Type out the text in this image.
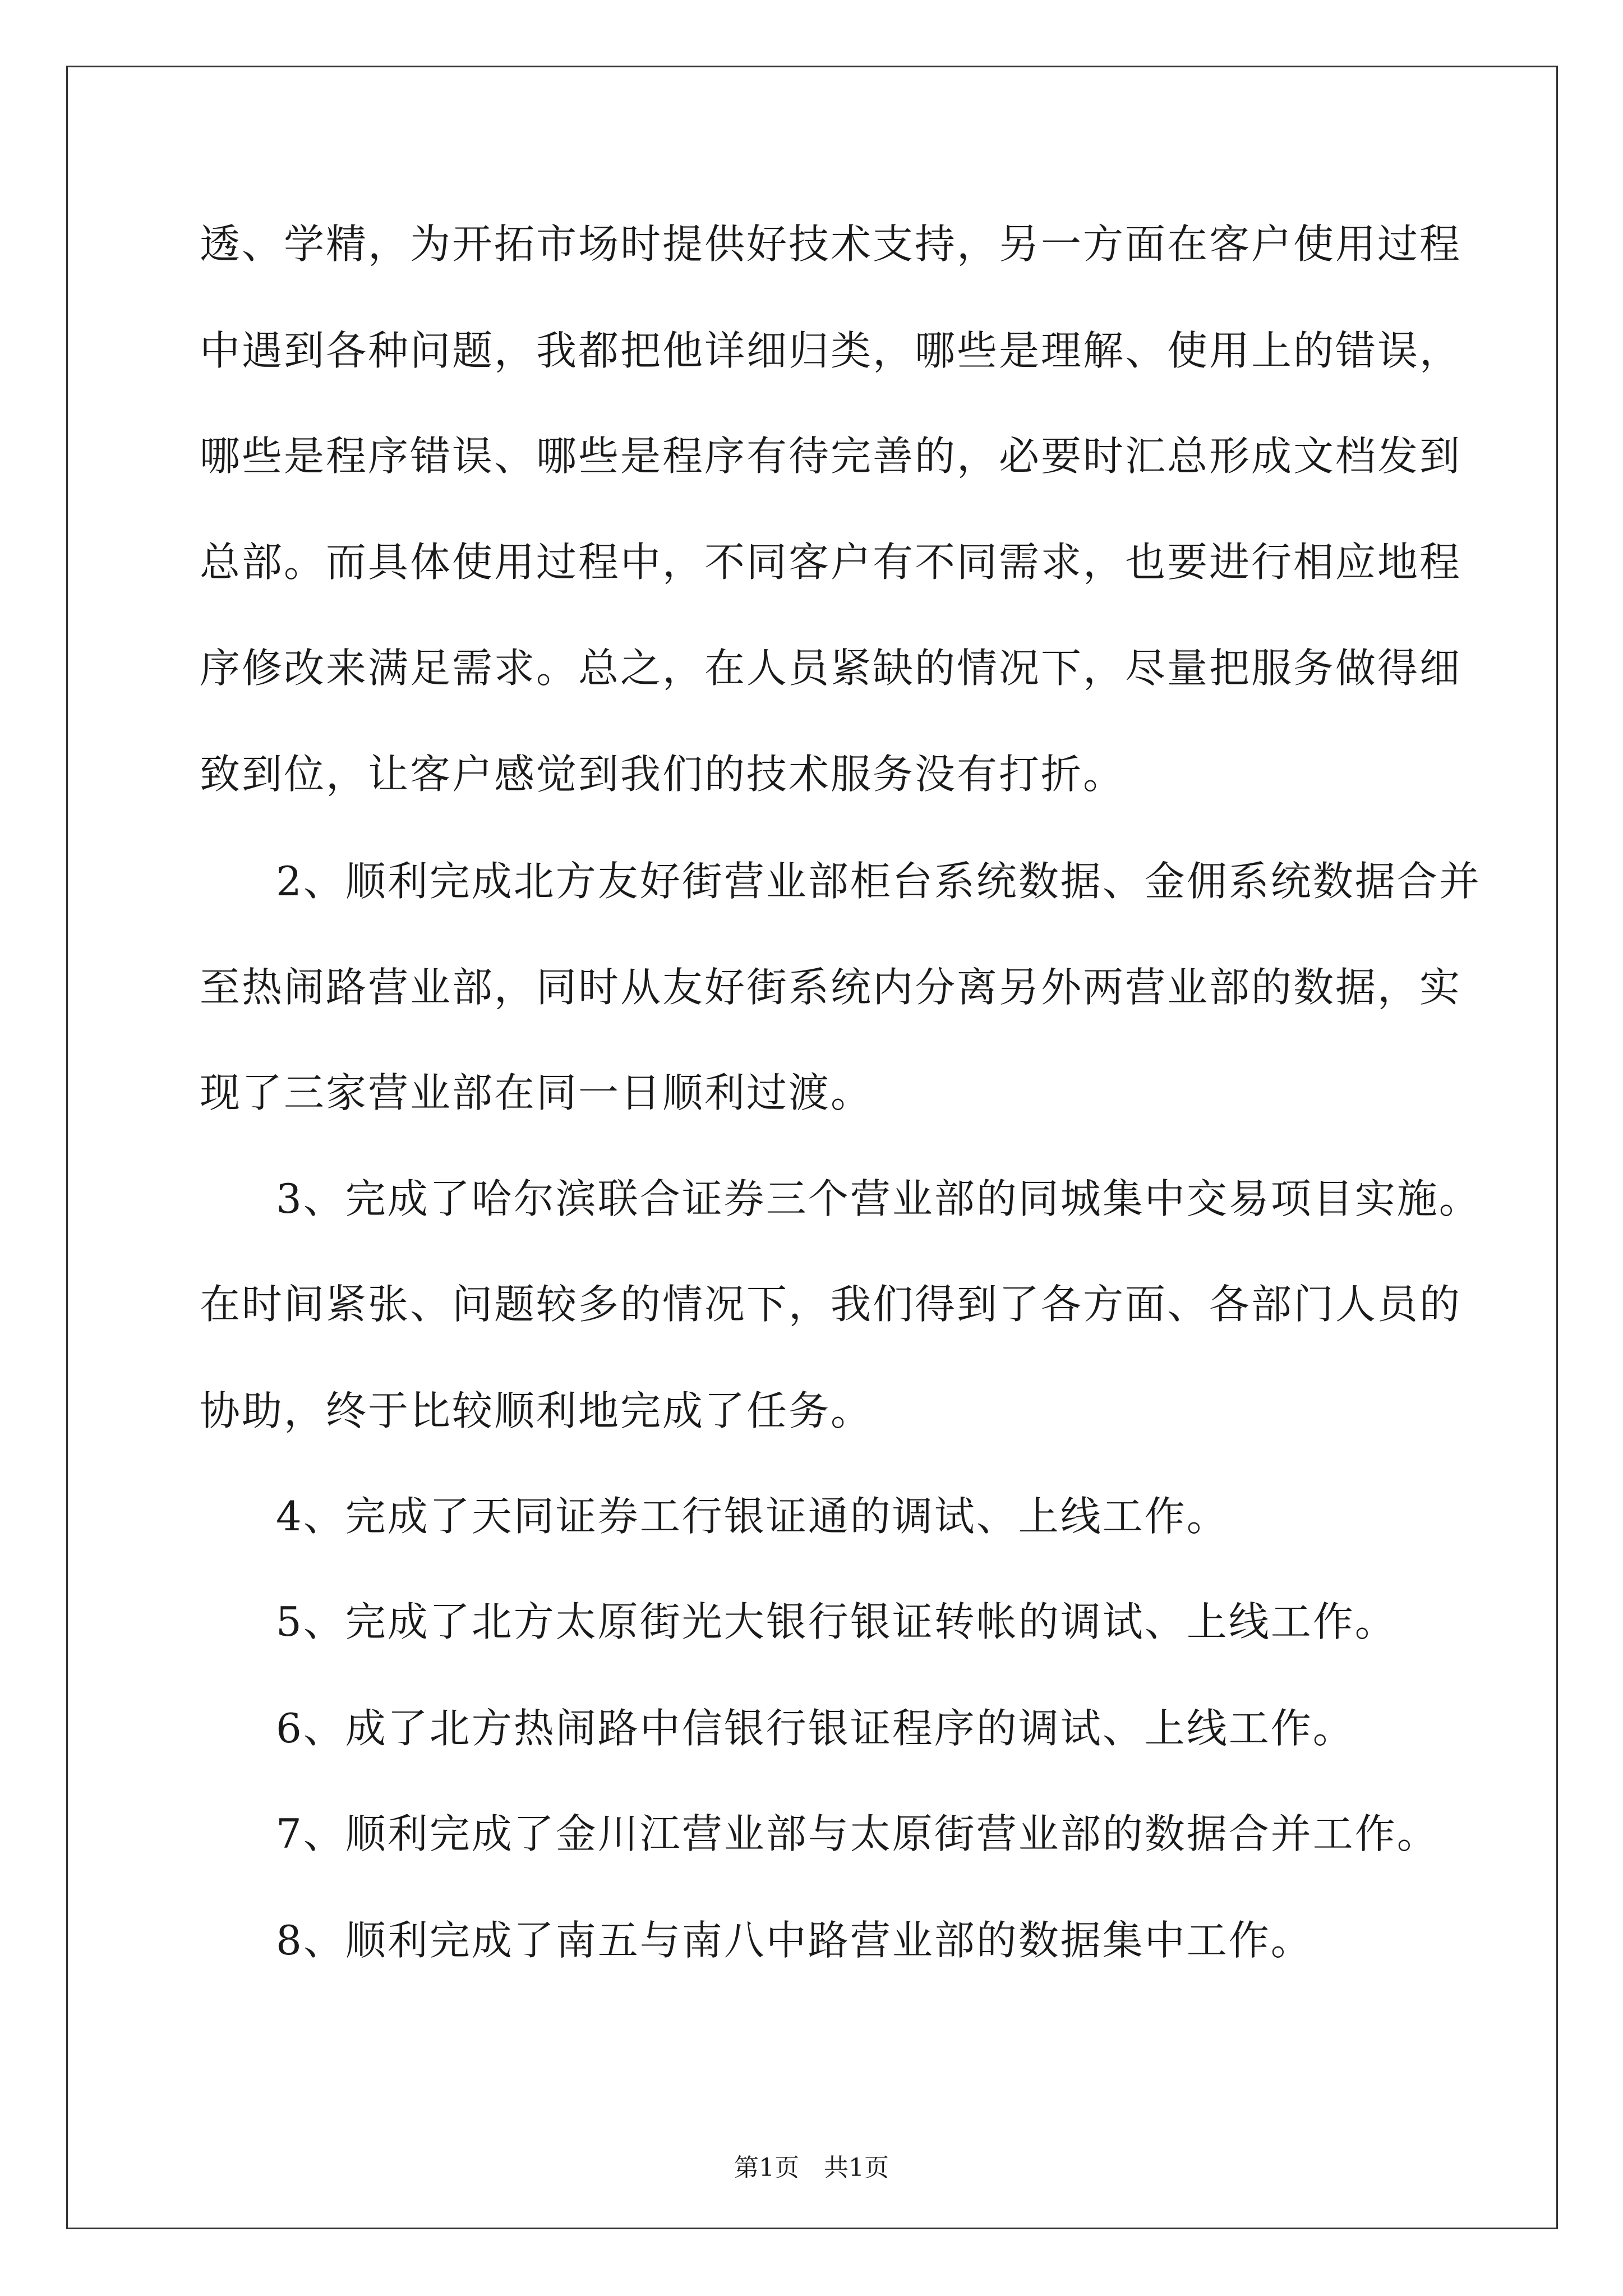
透、学精，为开拓市场时提供好技术支持，另一方面在客户使用过程
中遇到各种问题，我都把他详细归类，哪些是理解、使用上的错误，
哪些是程序错误、哪些是程序有待完善的，必要时汇总形成文档发到
总部。而具体使用过程中，不同客户有不同需求，也要进行相应地程
序修改来满足需求。总之，在人员紧缺的情况下，尽量把服务做得细
致到位，让客户感觉到我们的技术服务没有打折。
2、顺利完成北方友好街营业部柜台系统数据、金佣系统数据合并
至热闹路营业部，同时从友好街系统内分离另外两营业部的数据，实
现了三家营业部在同一日顺利过渡。
3、完成了哈尔滨联合证券三个营业部的同城集中交易项目实施。
在时间紧张、问题较多的情况下，我们得到了各方面、各部门人员的
协助，终于比较顺利地完成了任务。
4、完成了天同证券工行银证通的调试、上线工作。
5、完成了北方太原街光大银行银证转帐的调试、上线工作。
6、成了北方热闹路中信银行银证程序的调试、上线工作。
7、顺利完成了金川江营业部与太原街营业部的数据合并工作。
8、顺利完成了南五与南八中路营业部的数据集中工作。
第1页　共1页
